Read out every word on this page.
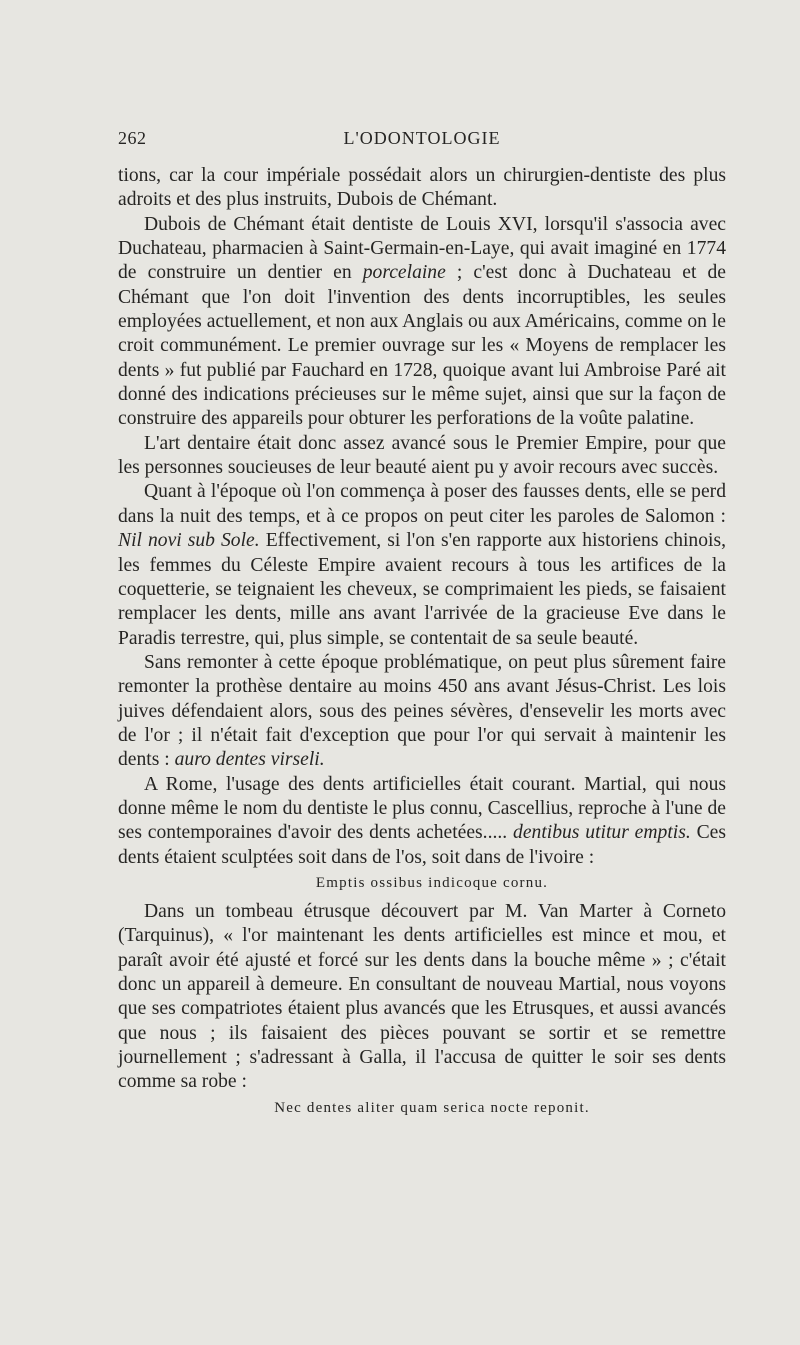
262	L'ODONTOLOGIE

tions, car la cour impériale possédait alors un chirurgien-dentiste des plus adroits et des plus instruits, Dubois de Chémant.

Dubois de Chémant était dentiste de Louis XVI, lorsqu'il s'associa avec Duchateau, pharmacien à Saint-Germain-en-Laye, qui avait imaginé en 1774 de construire un dentier en porcelaine ; c'est donc à Duchateau et de Chémant que l'on doit l'invention des dents incorruptibles, les seules employées actuellement, et non aux Anglais ou aux Américains, comme on le croit communément. Le premier ouvrage sur les « Moyens de remplacer les dents » fut publié par Fauchard en 1728, quoique avant lui Ambroise Paré ait donné des indications précieuses sur le même sujet, ainsi que sur la façon de construire des appareils pour obturer les perforations de la voûte palatine.

L'art dentaire était donc assez avancé sous le Premier Empire, pour que les personnes soucieuses de leur beauté aient pu y avoir recours avec succès.

Quant à l'époque où l'on commença à poser des fausses dents, elle se perd dans la nuit des temps, et à ce propos on peut citer les paroles de Salomon : Nil novi sub Sole. Effectivement, si l'on s'en rapporte aux historiens chinois, les femmes du Céleste Empire avaient recours à tous les artifices de la coquetterie, se teignaient les cheveux, se comprimaient les pieds, se faisaient remplacer les dents, mille ans avant l'arrivée de la gracieuse Eve dans le Paradis terrestre, qui, plus simple, se contentait de sa seule beauté.

Sans remonter à cette époque problématique, on peut plus sûrement faire remonter la prothèse dentaire au moins 450 ans avant Jésus-Christ. Les lois juives défendaient alors, sous des peines sévères, d'ensevelir les morts avec de l'or ; il n'était fait d'exception que pour l'or qui servait à maintenir les dents : auro dentes virseli.

A Rome, l'usage des dents artificielles était courant. Martial, qui nous donne même le nom du dentiste le plus connu, Cascellius, reproche à l'une de ses contemporaines d'avoir des dents achetées..... dentibus utitur emptis. Ces dents étaient sculptées soit dans de l'os, soit dans de l'ivoire :

Emptis ossibus indicoque cornu.

Dans un tombeau étrusque découvert par M. Van Marter à Corneto (Tarquinus), « l'or maintenant les dents artificielles est mince et mou, et paraît avoir été ajusté et forcé sur les dents dans la bouche même » ; c'était donc un appareil à demeure. En consultant de nouveau Martial, nous voyons que ses compatriotes étaient plus avancés que les Etrusques, et aussi avancés que nous ; ils faisaient des pièces pouvant se sortir et se remettre journellement ; s'adressant à Galla, il l'accusa de quitter le soir ses dents comme sa robe :

Nec dentes aliter quam serica nocte reponit.
